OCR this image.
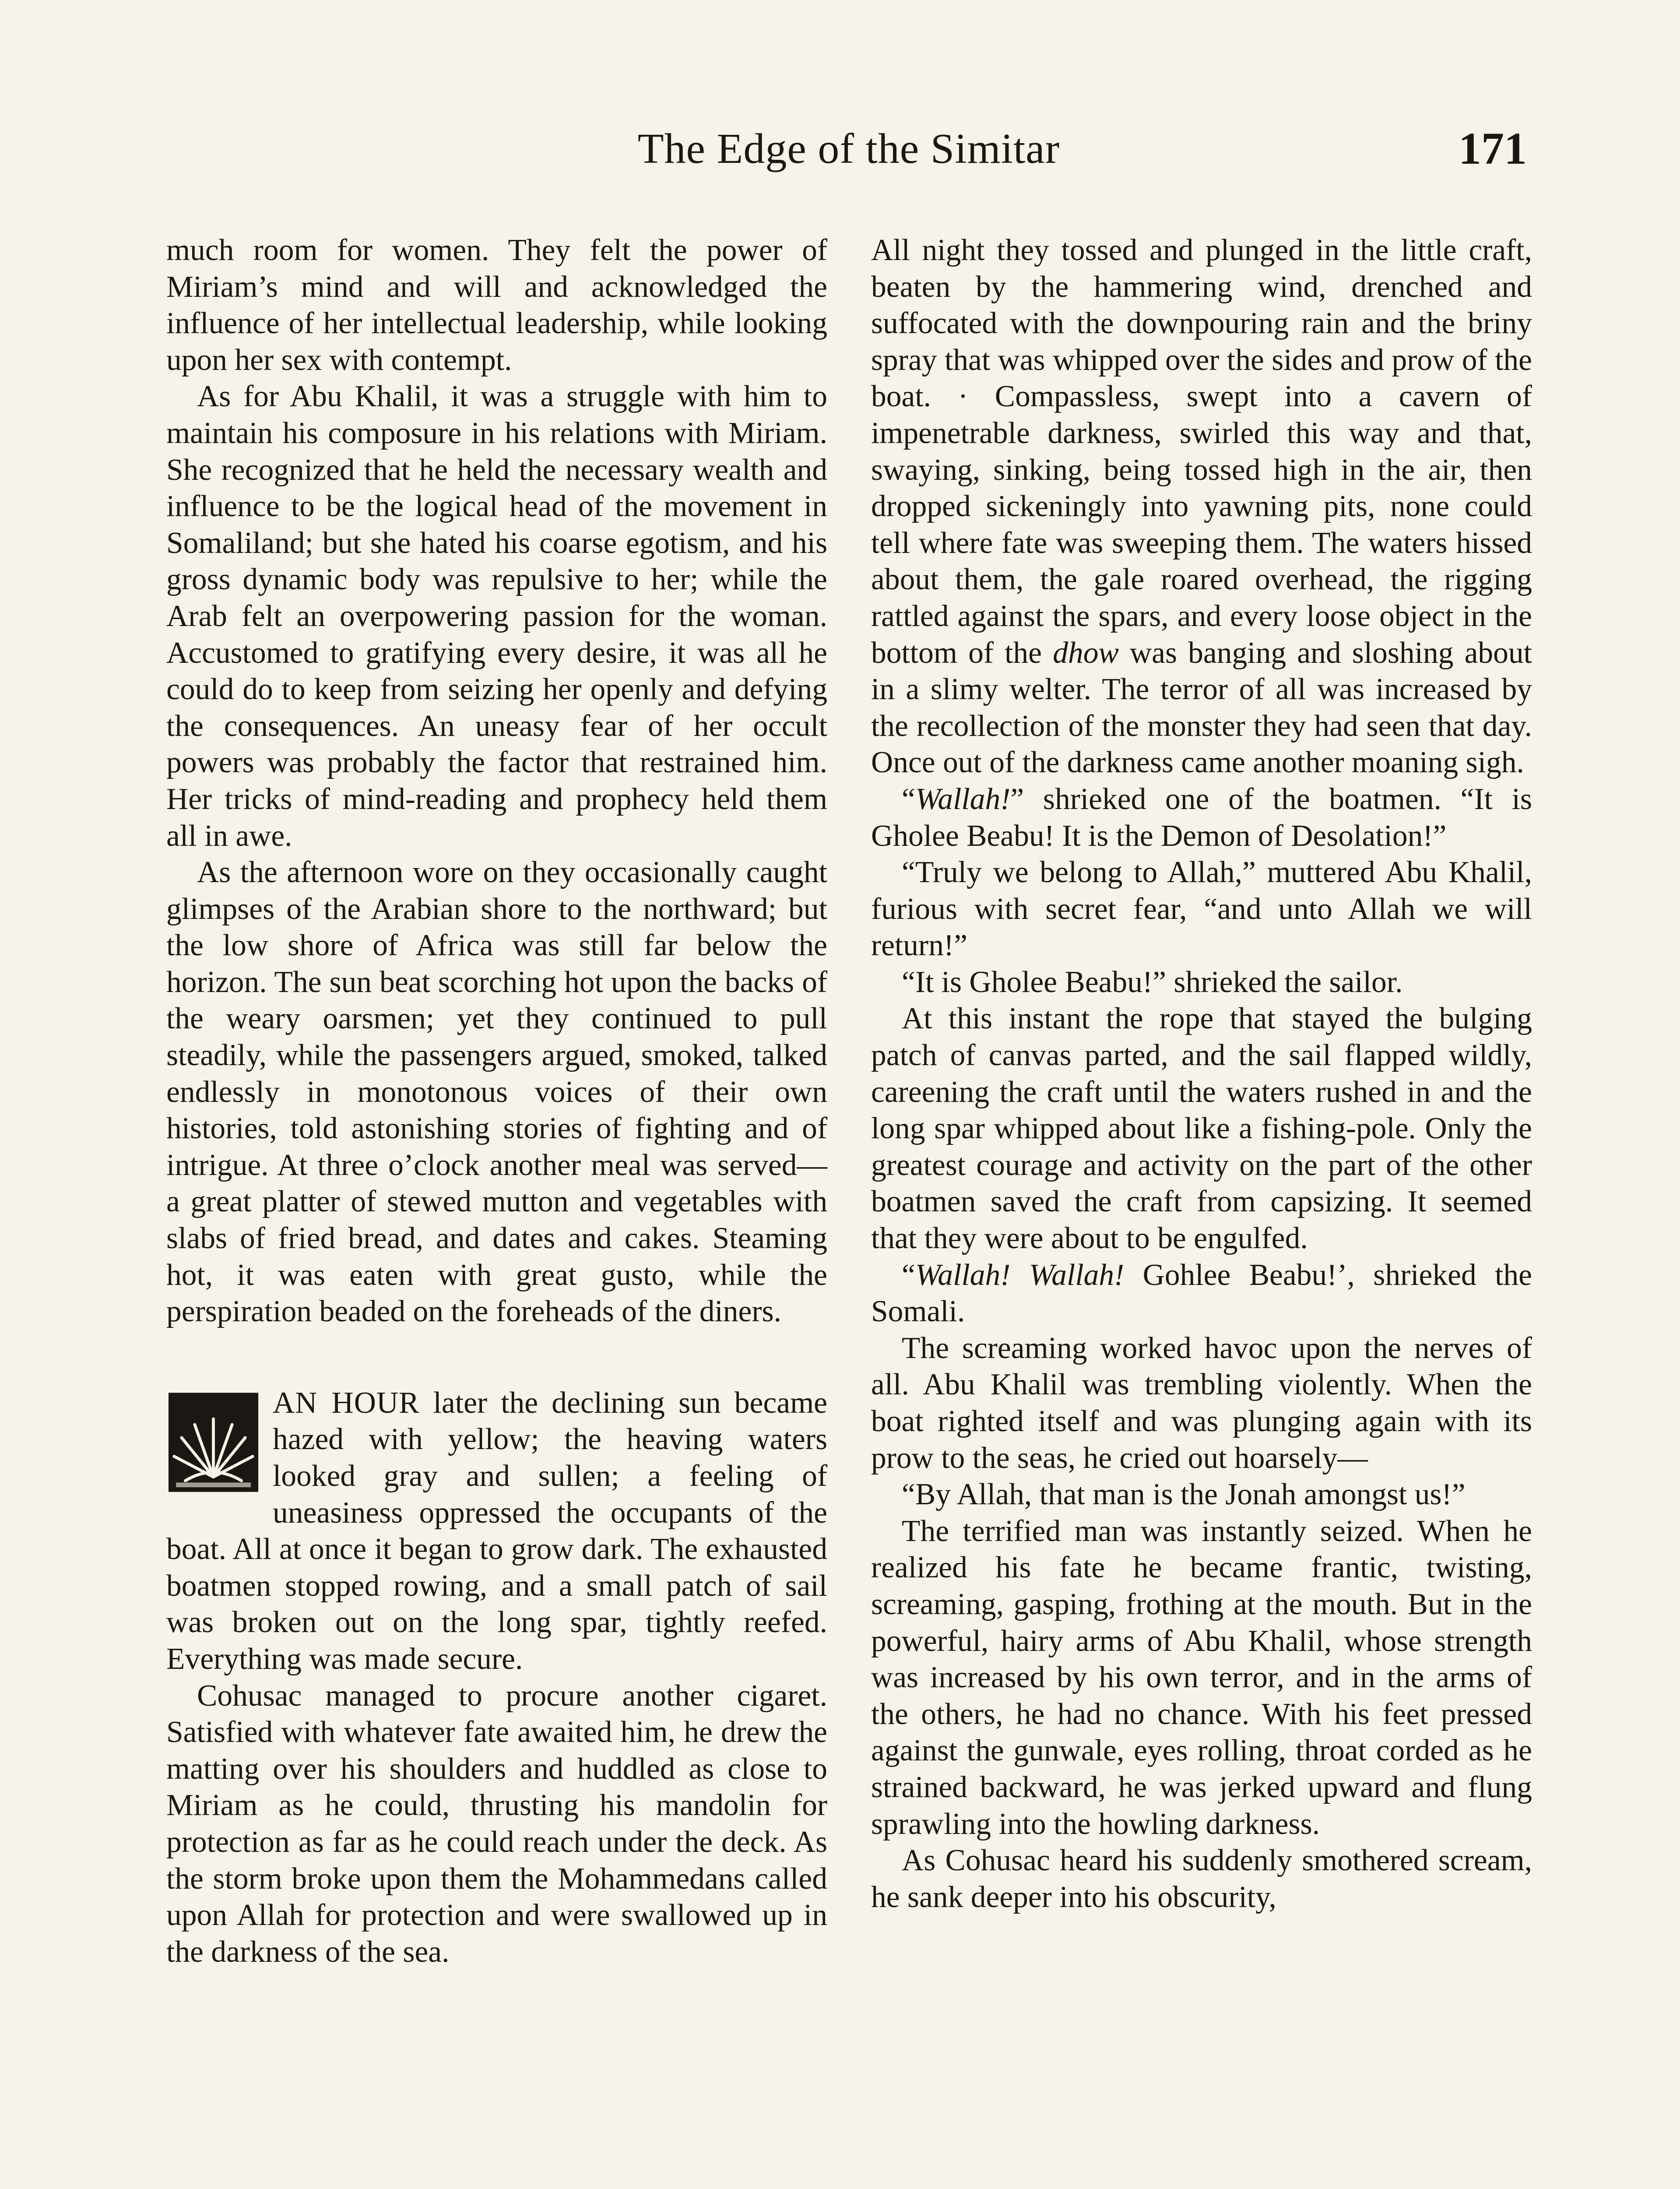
The Edge of the Simitar	171

much room for women. They felt the power of Miriam’s mind and will and acknowledged the influence of her intellectual leadership, while looking upon her sex with contempt.

As for Abu Khalil, it was a struggle with him to maintain his composure in his relations with Miriam. She recognized that he held the necessary wealth and influence to be the logical head of the movement in Somaliland; but she hated his coarse egotism, and his gross dynamic body was repulsive to her; while the Arab felt an overpowering passion for the woman. Accustomed to gratifying every desire, it was all he could do to keep from seizing her openly and defying the consequences. An uneasy fear of her occult powers was probably the factor that restrained him. Her tricks of mind-reading and prophecy held them all in awe.

As the afternoon wore on they occasionally caught glimpses of the Arabian shore to the northward; but the low shore of Africa was still far below the horizon. The sun beat scorching hot upon the backs of the weary oarsmen; yet they continued to pull steadily, while the passengers argued, smoked, talked endlessly in monotonous voices of their own histories, told astonishing stories of fighting and of intrigue. At three o’clock another meal was served— a great platter of stewed mutton and vegetables with slabs of fried bread, and dates and cakes. Steaming hot, it was eaten with great gusto, while the perspiration beaded on the foreheads of the diners.

AN HOUR later the declining sun became hazed with yellow; the heaving waters looked gray and sullen; a feeling of uneasiness oppressed the occupants of the boat. All at once it began to grow dark. The exhausted boatmen stopped rowing, and a small patch of sail was broken out on the long spar, tightly reefed. Everything was made secure.

Cohusac managed to procure another cigaret. Satisfied with whatever fate awaited him, he drew the matting over his shoulders and huddled as close to Miriam as he could, thrusting his mandolin for protection as far as he could reach under the deck. As the storm broke upon them the Mohammedans called upon Allah for protection and were swallowed up in the darkness of the sea.

All night they tossed and plunged in the little craft, beaten by the hammering wind, drenched and suffocated with the downpouring rain and the briny spray that was whipped over the sides and prow of the boat. · Compassless, swept into a cavern of impenetrable darkness, swirled this way and that, swaying, sinking, being tossed high in the air, then dropped sickeningly into yawning pits, none could tell where fate was sweeping them. The waters hissed about them, the gale roared overhead, the rigging rattled against the spars, and every loose object in the bottom of the dhow was banging and sloshing about in a slimy welter. The terror of all was increased by the recollection of the monster they had seen that day. Once out of the darkness came another moaning sigh.

“Wallah!” shrieked one of the boatmen. “It is Gholee Beabu! It is the Demon of Desolation!”

“Truly we belong to Allah,” muttered Abu Khalil, furious with secret fear, “and unto Allah we will return!”

“It is Gholee Beabu!” shrieked the sailor.

At this instant the rope that stayed the bulging patch of canvas parted, and the sail flapped wildly, careening the craft until the waters rushed in and the long spar whipped about like a fishing-pole. Only the greatest courage and activity on the part of the other boatmen saved the craft from capsizing. It seemed that they were about to be engulfed.

“Wallah! Wallah! Gohlee Beabu!’, shrieked the Somali.

The screaming worked havoc upon the nerves of all. Abu Khalil was trembling violently. When the boat righted itself and was plunging again with its prow to the seas, he cried out hoarsely—

“By Allah, that man is the Jonah amongst us!”

The terrified man was instantly seized. When he realized his fate he became frantic, twisting, screaming, gasping, frothing at the mouth. But in the powerful, hairy arms of Abu Khalil, whose strength was increased by his own terror, and in the arms of the others, he had no chance. With his feet pressed against the gunwale, eyes rolling, throat corded as he strained backward, he was jerked upward and flung sprawling into the howling darkness.

As Cohusac heard his suddenly smothered scream, he sank deeper into his obscurity,
